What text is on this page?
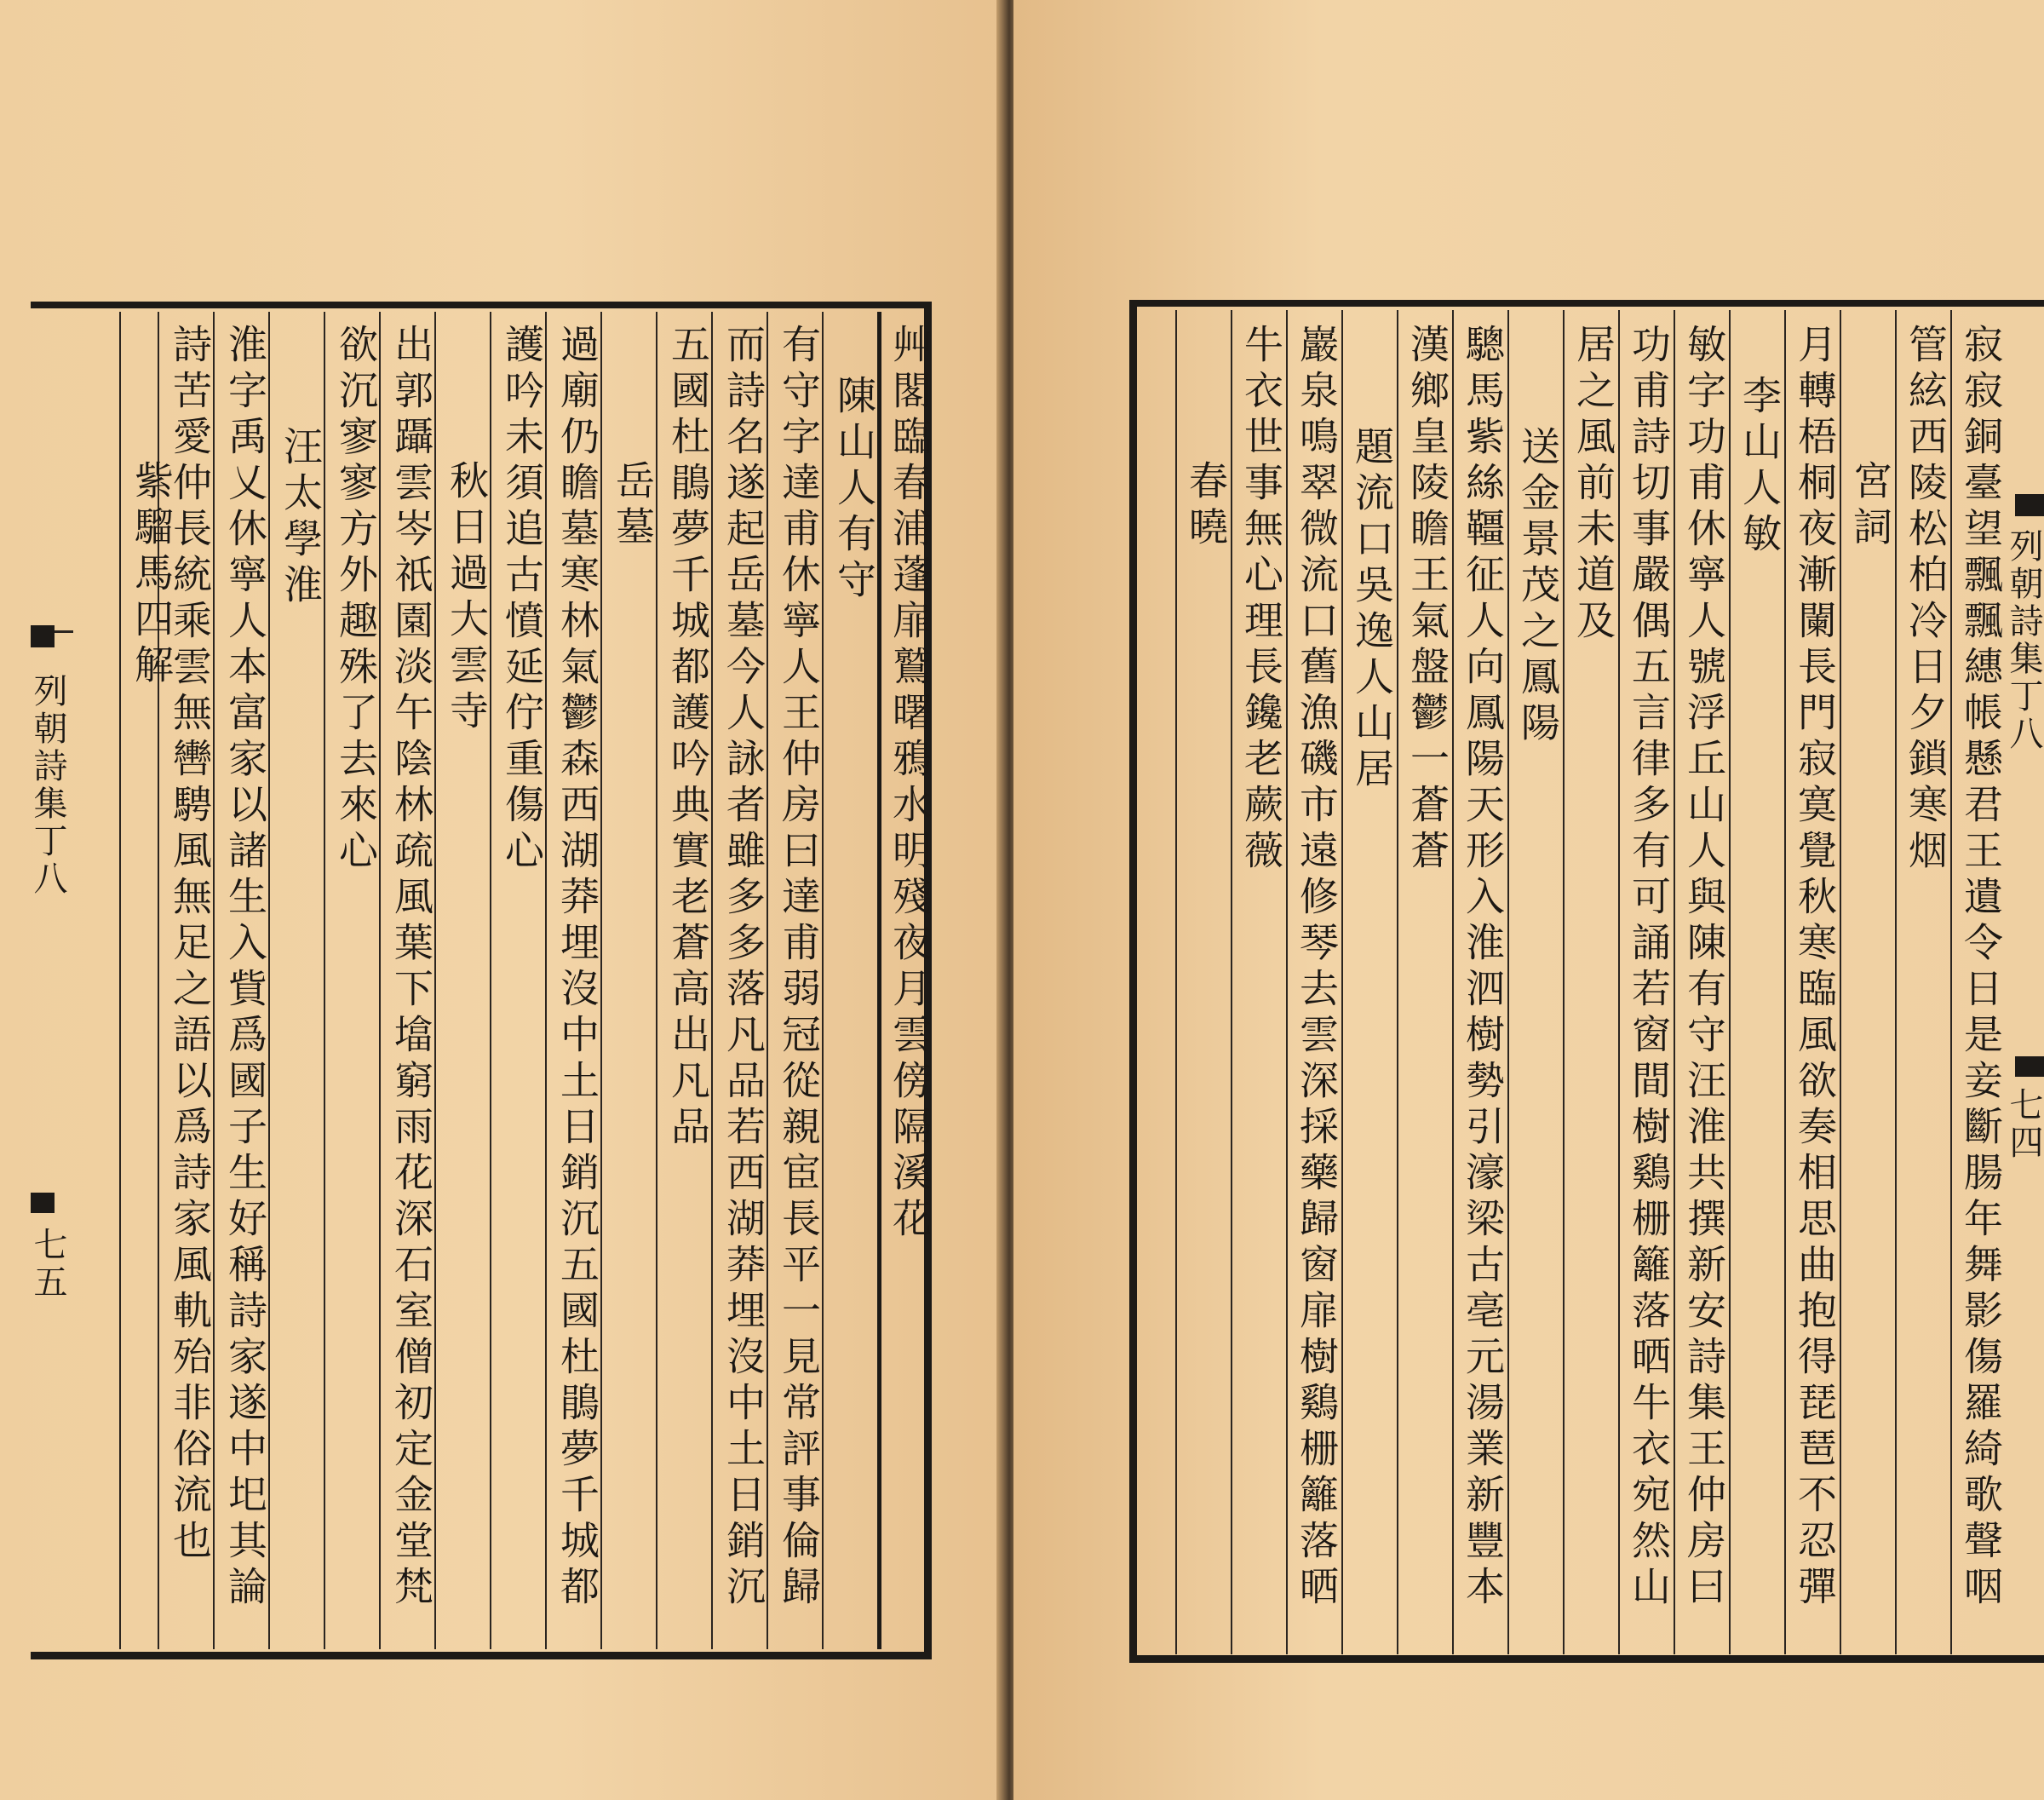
列朝詩集丁八
七五
艸閣臨春浦蓬扉鷲曙鴉水明殘夜月雲傍隔溪花
陳山人有守
有守字達甫休寧人王仲房曰達甫弱冠從親宦長平一見常評事倫歸
而詩名遂起岳墓今人詠者雖多多落凡品若西湖莽埋沒中土日銷沉
五國杜鵑夢千城都護吟典實老蒼高出凡品
岳墓
過廟仍瞻墓寒林氣鬱森西湖莽埋沒中土日銷沉五國杜鵑夢千城都
護吟未須追古憤延佇重傷心
秋日過大雲寺
出郭躡雲岑祇園淡午陰林疏風葉下墖窮雨花深石室僧初定金堂梵
欲沉寥寥方外趣殊了去來心
汪太學淮
淮字禹乂休寧人本富家以諸生入貲爲國子生好稱詩家遂中圯其論
詩苦愛仲長統乘雲無轡騁風無足之語以爲詩家風軌殆非俗流也
紫騮馬四解	列朝詩集丁八
七四
寂寂銅臺望飄飄繐帳懸君王遺令日是妾斷腸年舞影傷羅綺歌聲咽
管絃西陵松柏冷日夕鎖寒烟
宮詞
月轉梧桐夜漸闌長門寂寞覺秋寒臨風欲奏相思曲抱得琵琶不忍彈
李山人敏
敏字功甫休寧人號浮丘山人與陳有守汪淮共撰新安詩集王仲房曰
功甫詩切事嚴偶五言律多有可誦若窗間樹鷄栅籬落晒牛衣宛然山
居之風前未道及
送金景茂之鳳陽
驄馬紫絲韁征人向鳳陽天形入淮泗樹勢引濠梁古亳元湯業新豐本
漢鄉皇陵瞻王氣盤鬱一蒼蒼
題流口吳逸人山居
巖泉鳴翠微流口舊漁磯市遠修琴去雲深採藥歸窗扉樹鷄栅籬落晒
牛衣世事無心理長鑱老蕨薇
春曉
